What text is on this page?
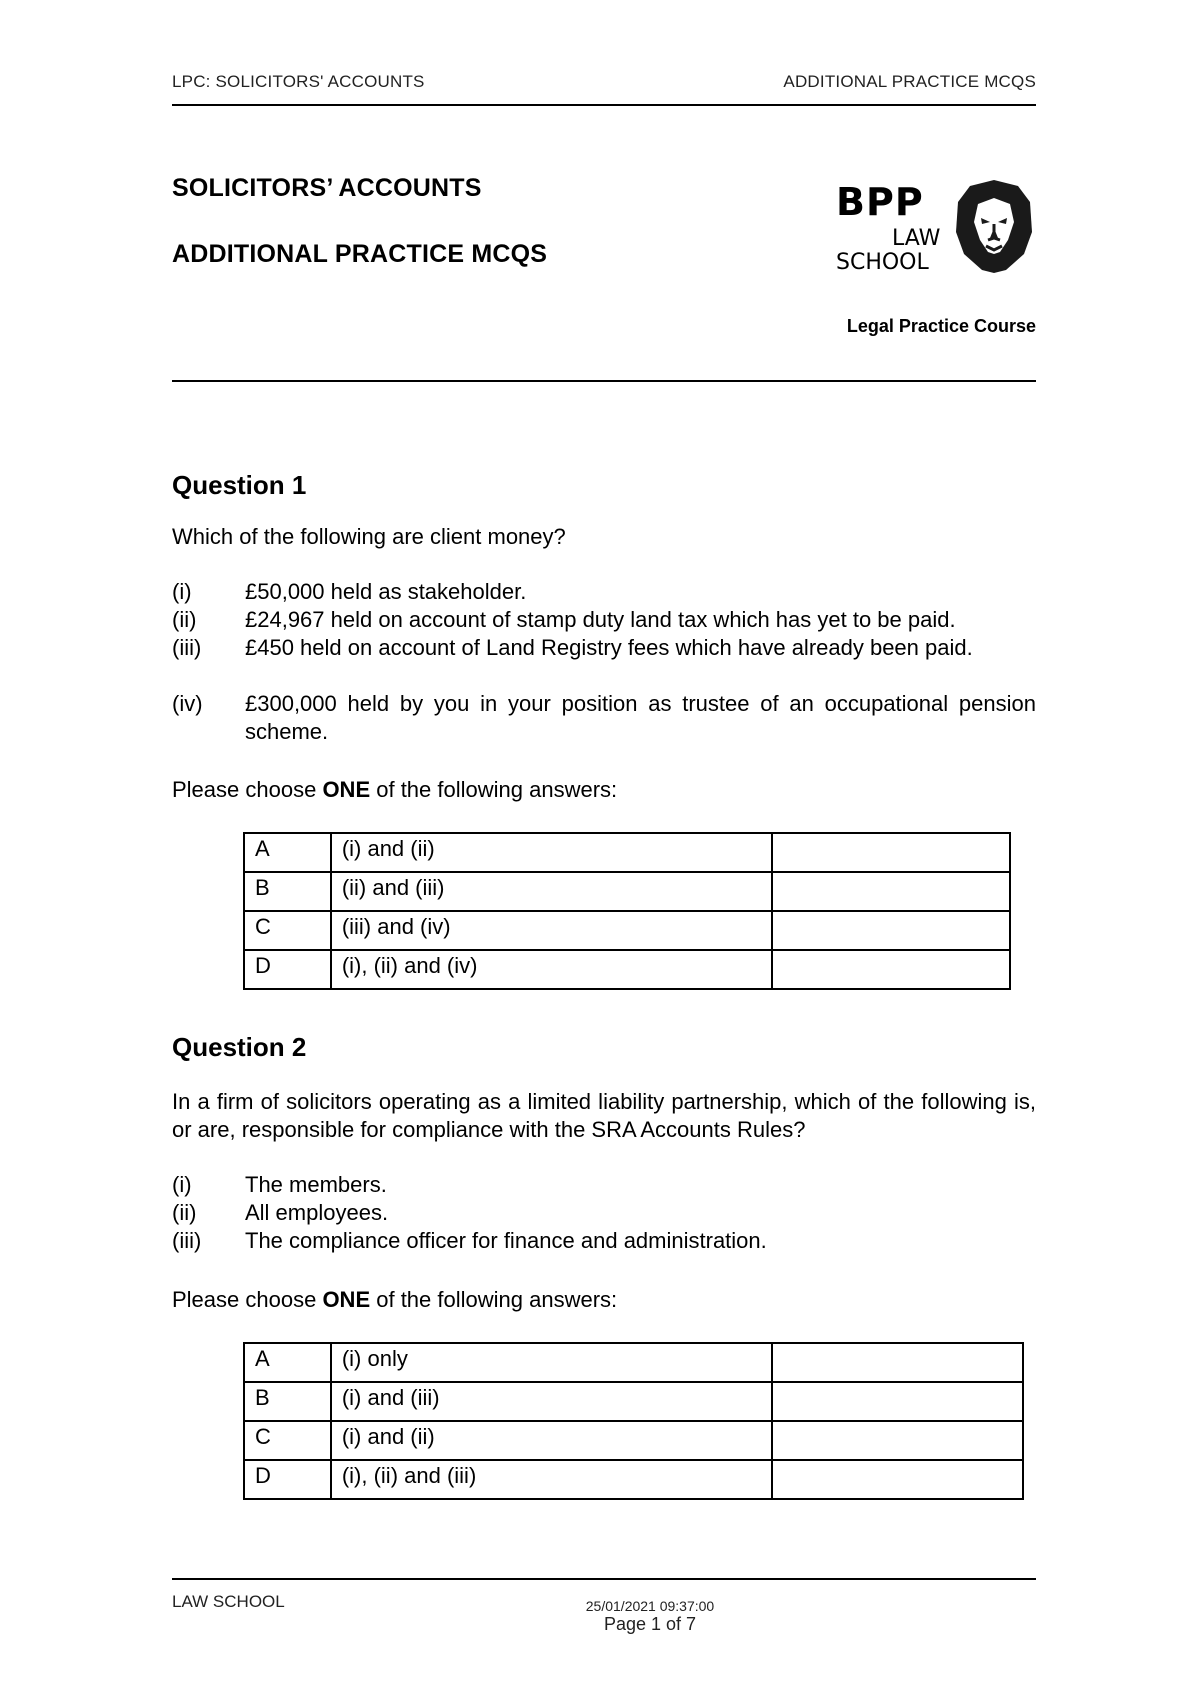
LPC: SOLICITORS' ACCOUNTS	ADDITIONAL PRACTICE MCQS
SOLICITORS’ ACCOUNTS
ADDITIONAL PRACTICE MCQS
BPP
LAW
SCHOOL
Legal Practice Course
Question 1
Which of the following are client money?
(i)	£50,000 held as stakeholder.
(ii)	£24,967 held on account of stamp duty land tax which has yet to be paid.
(iii)	£450 held on account of Land Registry fees which have already been paid.
(iv)	£300,000 held by you in your position as trustee of an occupational pension scheme.
Please choose ONE of the following answers:
A	(i) and (ii)	
B	(ii) and (iii)	
C	(iii) and (iv)	
D	(i), (ii) and (iv)	
Question 2
In a firm of solicitors operating as a limited liability partnership, which of the following is, or are, responsible for compliance with the SRA Accounts Rules?
(i)	The members.
(ii)	All employees.
(iii)	The compliance officer for finance and administration.
Please choose ONE of the following answers:
A	(i) only	
B	(i) and (iii)	
C	(i) and (ii)	
D	(i), (ii) and (iii)	
LAW SCHOOL	25/01/2021 09:37:00
Page 1 of 7
